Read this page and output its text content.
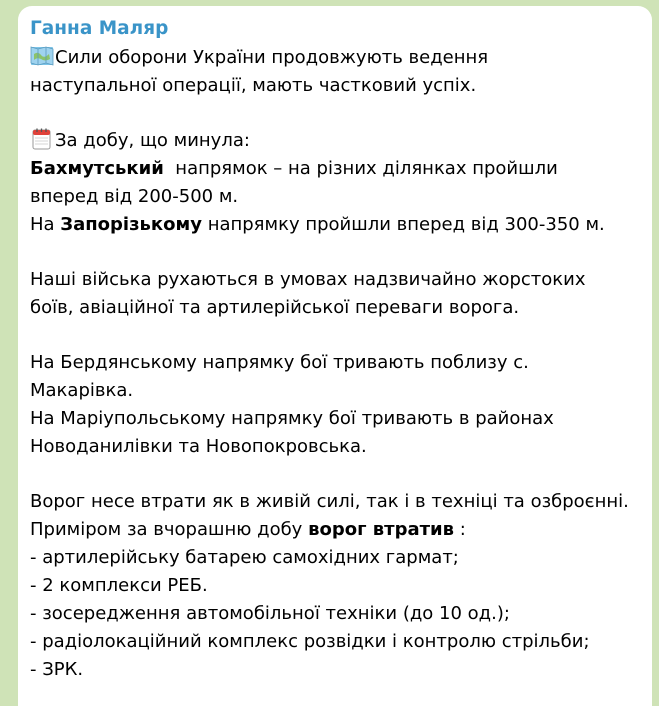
Ганна Маляр
Сили оборони України продовжують ведення
наступальної операції, мають частковий успіх.
За добу, що минула:
Бахмутський  напрямок – на різних ділянках пройшли
вперед від 200-500 м.
На Запорізькому напрямку пройшли вперед від 300-350 м.
Наші війська рухаються в умовах надзвичайно жорстоких
боїв, авіаційної та артилерійської переваги ворога.
На Бердянському напрямку бої тривають поблизу с.
Макарівка.
На Маріупольському напрямку бої тривають в районах
Новоданилівки та Новопокровська.
Ворог несе втрати як в живій силі, так і в техніці та озброєнні.
Приміром за вчорашню добу ворог втратив :
- артилерійську батарею самохідних гармат;
- 2 комплекси РЕБ.
- зосередження автомобільної техніки (до 10 од.);
- радіолокаційний комплекс розвідки і контролю стрільби;
- ЗРК.
